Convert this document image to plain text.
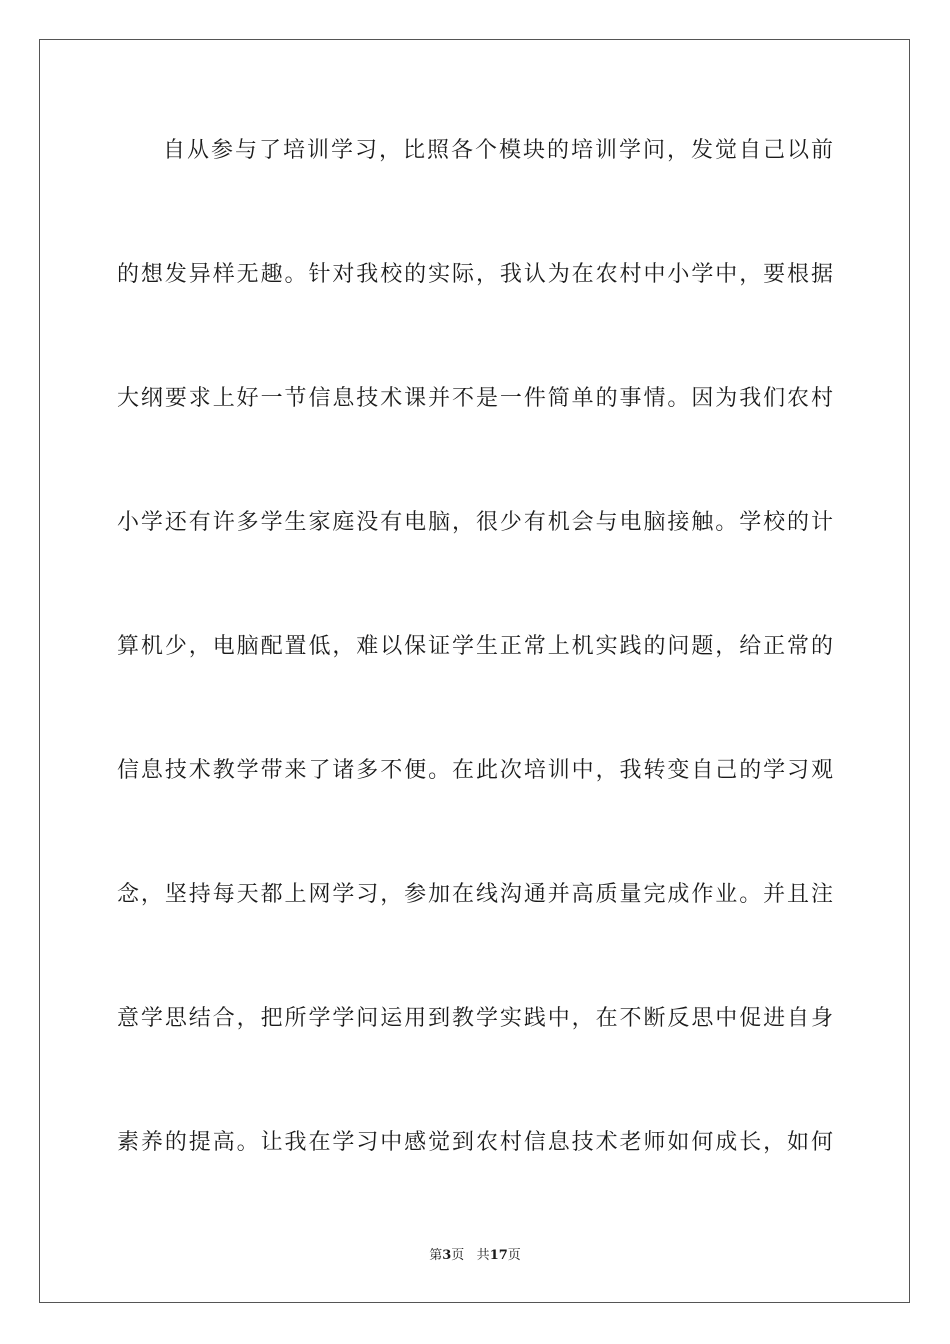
自从参与了培训学习，比照各个模块的培训学问，发觉自己以前
的想发异样无趣。针对我校的实际，我认为在农村中小学中，要根据
大纲要求上好一节信息技术课并不是一件简单的事情。因为我们农村
小学还有许多学生家庭没有电脑，很少有机会与电脑接触。学校的计
算机少，电脑配置低，难以保证学生正常上机实践的问题，给正常的
信息技术教学带来了诸多不便。在此次培训中，我转变自己的学习观
念，坚持每天都上网学习，参加在线沟通并高质量完成作业。并且注
意学思结合，把所学学问运用到教学实践中，在不断反思中促进自身
素养的提高。让我在学习中感觉到农村信息技术老师如何成长，如何
第3页 共17页
